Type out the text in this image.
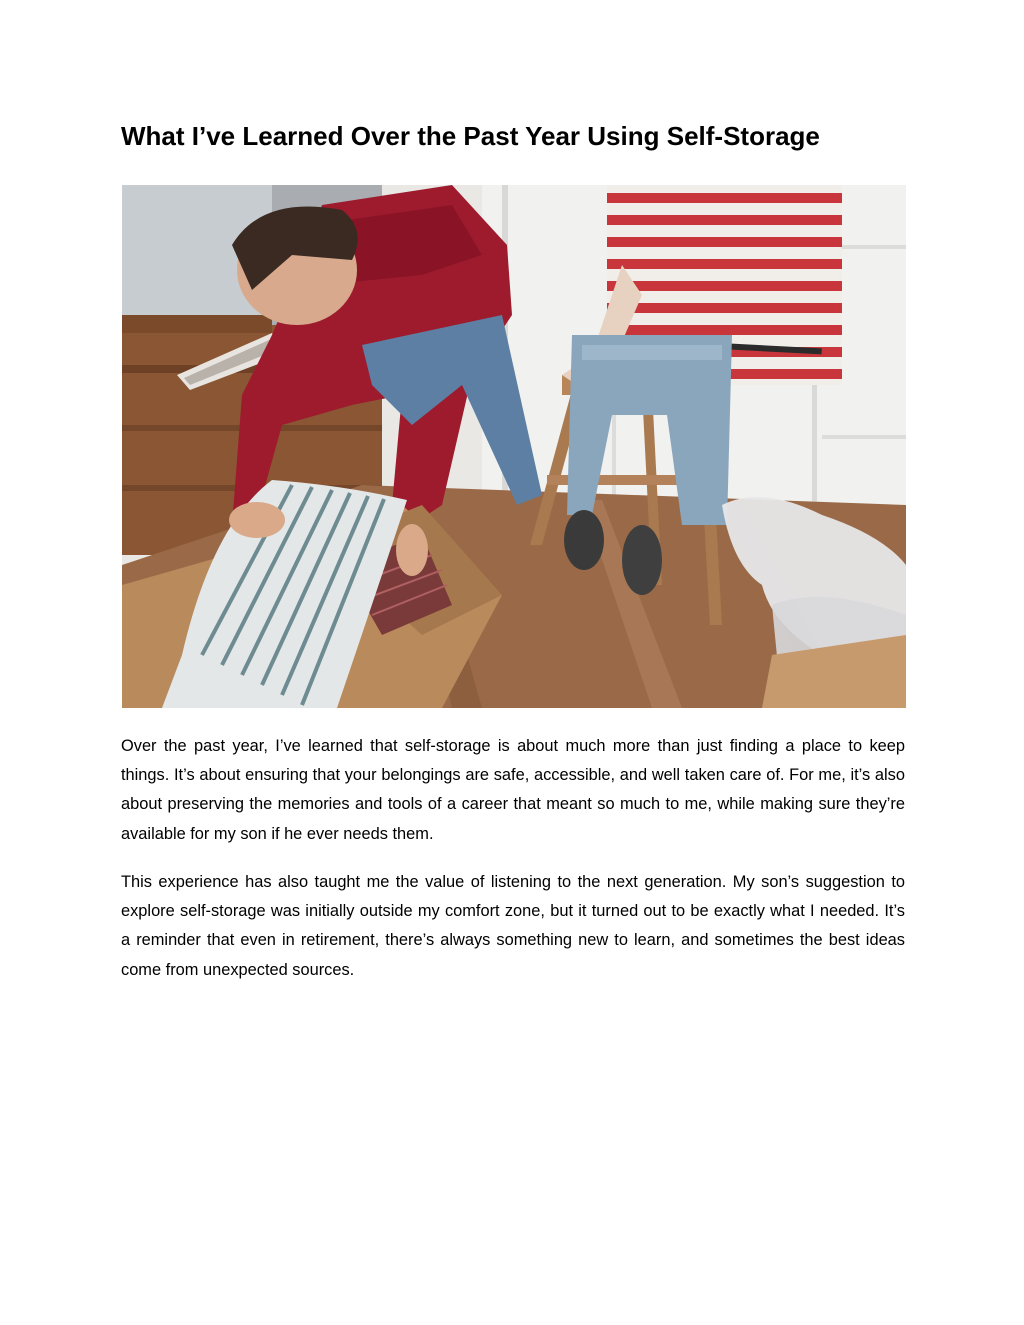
What I’ve Learned Over the Past Year Using Self-Storage

Over the past year, I’ve learned that self-storage is about much more than just finding a place to keep things. It’s about ensuring that your belongings are safe, accessible, and well taken care of. For me, it’s also about preserving the memories and tools of a career that meant so much to me, while making sure they’re available for my son if he ever needs them.

This experience has also taught me the value of listening to the next generation. My son’s suggestion to explore self-storage was initially outside my comfort zone, but it turned out to be exactly what I needed. It’s a reminder that even in retirement, there’s always something new to learn, and sometimes the best ideas come from unexpected sources.
